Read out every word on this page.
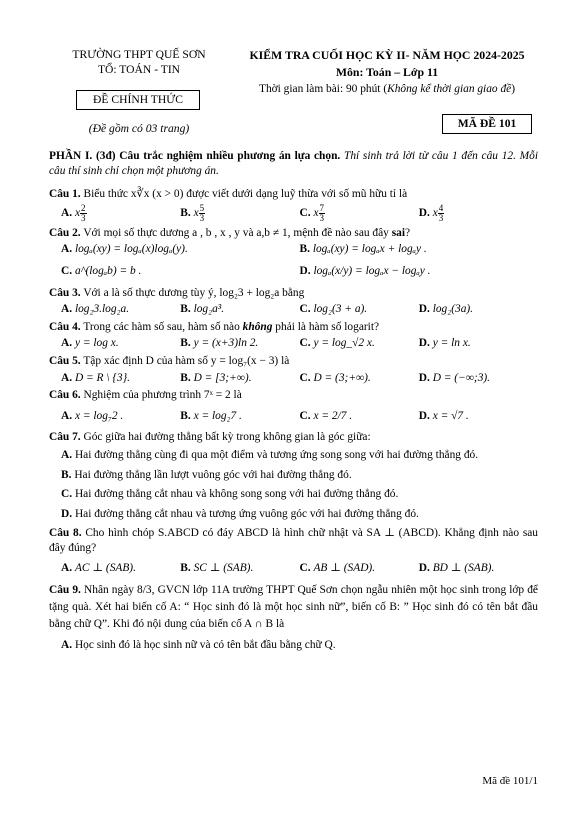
TRƯỜNG THPT QUẾ SƠN
TỔ: TOÁN - TIN
ĐỀ CHÍNH THỨC
(Đề gồm có 03 trang)
KIỂM TRA CUỐI HỌC KỲ II- NĂM HỌC 2024-2025
Môn: Toán – Lớp 11
Thời gian làm bài: 90 phút (Không kể thời gian giao đề)
MÃ ĐỀ 101
PHẦN I. (3đ) Câu trắc nghiệm nhiều phương án lựa chọn. Thí sinh trả lời từ câu 1 đến câu 12. Mỗi câu thí sinh chỉ chọn một phương án.
Câu 1. Biểu thức x∛x (x > 0) được viết dưới dạng luỹ thừa với số mũ hữu tỉ là
A. x $\frac{2}{3}$	B. x $\frac{5}{3}$	C. x $\frac{7}{3}$	D. x $\frac{4}{3}$
Câu 2. Với mọi số thực dương a , b , x , y và a,b ≠ 1, mệnh đề nào sau đây sai?
A. logₐ(xy) = logₐ(x)logₐ(y).	B. logₐ(xy) = logₐx + logₐy .
C. a^(logₐb) = b .	D. logₐ(x/y) = logₐx − logₐy .
Câu 3. Với a là số thực dương tùy ý, log₂3 + log₂a bằng
A. log₂3.log₂a.	B. log₂a³.	C. log₂(3 + a).	D. log₂(3a).
Câu 4. Trong các hàm số sau, hàm số nào không phải là hàm số logarit?
A. y = log x.	B. y = (x+3)ln 2.	C. y = log_√2 x.	D. y = ln x.
Câu 5. Tập xác định D của hàm số y = log₇(x − 3) là
A. D = R \ {3}.	B. D = [3;+∞).	C. D = (3;+∞).	D. D = (−∞;3).
Câu 6. Nghiệm của phương trình 7ˣ = 2 là
A. x = log₇2 .	B. x = log₂7 .	C. x = 2/7 .	D. x = √7 .
Câu 7. Góc giữa hai đường thẳng bất kỳ trong không gian là góc giữa:
A. Hai đường thẳng cùng đi qua một điểm và tương ứng song song với hai đường thẳng đó.
B. Hai đường thẳng lần lượt vuông góc với hai đường thẳng đó.
C. Hai đường thẳng cắt nhau và không song song với hai đường thẳng đó.
D. Hai đường thẳng cắt nhau và tương ứng vuông góc với hai đường thẳng đó.
Câu 8. Cho hình chóp S.ABCD có đáy ABCD là hình chữ nhật và SA ⊥ (ABCD). Khẳng định nào sau đây đúng?
A. AC ⊥ (SAB).	B. SC ⊥ (SAB).	C. AB ⊥ (SAD).	D. BD ⊥ (SAB).
Câu 9. Nhân ngày 8/3, GVCN lớp 11A trường THPT Quế Sơn chọn ngẫu nhiên một học sinh trong lớp để tặng quà. Xét hai biến cố A: “ Học sinh đó là một học sinh nữ”, biến cố B: ” Học sinh đó có tên bắt đầu bằng chữ Q”. Khi đó nội dung của biến cố A ∩ B là
A. Học sinh đó là học sinh nữ và có tên bắt đầu bằng chữ Q.
Mã đề 101/1
